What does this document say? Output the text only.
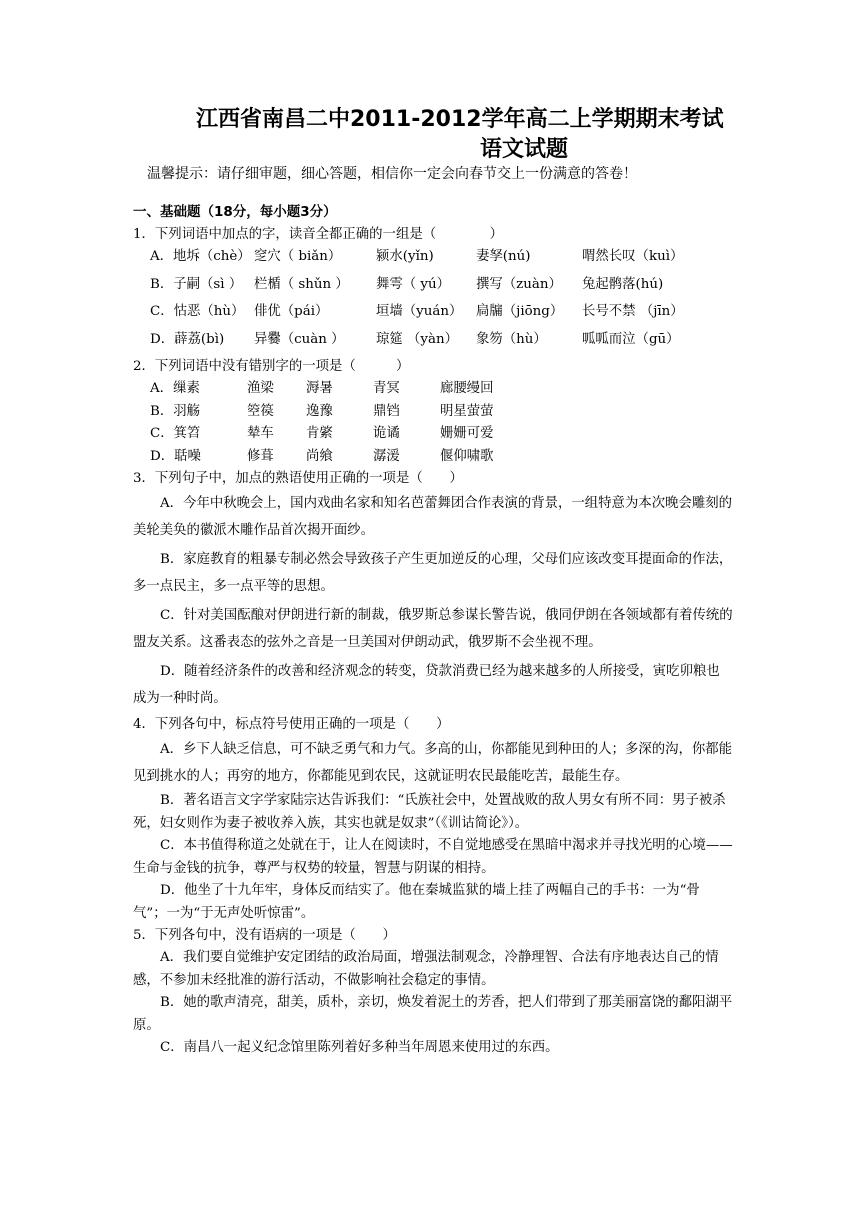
江西省南昌二中2011-2012学年高二上学期期末考试
语文试题
温馨提示：请仔细审题，细心答题，相信你一定会向春节交上一份满意的答卷！
一、基础题（18分，每小题3分）
1．下列词语中加点的字，读音全都正确的一组是（　　　　）
A．地坼（chè） 窆穴（ biǎn）	颍水(yǐn)	妻孥(nú)	喟然长叹（kuì）
B．子嗣（sì ） 栏楯（ shǔn ）	舞雩（ yú）	撰写（zuàn）	兔起鹘落(hú)
C．怙恶（hù） 俳优（pái）	垣墙（yuán）	扃牖（jiōng）	长号不禁 （jīn）
D．薜荔(bì)	异爨（cuàn ）	琼筵 （yàn）	象笏（hù）	呱呱而泣（gū）
2．下列词语中没有错别字的一项是（　　　）
A．缫素	渔梁	溽暑	青冥	廊腰缦回
B．羽觞	箜篌	逸豫	鼎铛	明星萤萤
C．箕笤	辇车	肯綮	诡谲	姗姗可爱
D．聒噪	修葺	尚飨	潺湲	偃仰啸歌
3．下列句子中，加点的熟语使用正确的一项是（　　）

A．今年中秋晚会上，国内戏曲名家和知名芭蕾舞团合作表演的背景，一组特意为本次晚会雕刻的美轮美奂的徽派木雕作品首次揭开面纱。

B．家庭教育的粗暴专制必然会导致孩子产生更加逆反的心理，父母们应该改变耳提面命的作法，多一点民主，多一点平等的思想。

C．针对美国酝酿对伊朗进行新的制裁，俄罗斯总参谋长警告说，俄同伊朗在各领域都有着传统的盟友关系。这番表态的弦外之音是一旦美国对伊朗动武，俄罗斯不会坐视不理。

D．随着经济条件的改善和经济观念的转变，贷款消费已经为越来越多的人所接受，寅吃卯粮也成为一种时尚。

4．下列各句中，标点符号使用正确的一项是（　　）

A．乡下人缺乏信息，可不缺乏勇气和力气。多高的山，你都能见到种田的人；多深的沟，你都能见到挑水的人；再穷的地方，你都能见到农民，这就证明农民最能吃苦，最能生存。

B．著名语言文字学家陆宗达告诉我们：“氏族社会中，处置战败的敌人男女有所不同：男子被杀死，妇女则作为妻子被收养入族，其实也就是奴隶”（《训诂简论》）。

C．本书值得称道之处就在于，让人在阅读时，不自觉地感受在黑暗中渴求并寻找光明的心境——生命与金钱的抗争，尊严与权势的较量，智慧与阴谋的相持。

D．他坐了十九年牢，身体反而结实了。他在秦城监狱的墙上挂了两幅自己的手书：一为“骨气”；一为“于无声处听惊雷”。

5．下列各句中，没有语病的一项是（　　）

A．我们要自觉维护安定团结的政治局面，增强法制观念，冷静理智、合法有序地表达自己的情感，不参加未经批准的游行活动，不做影响社会稳定的事情。

B．她的歌声清亮，甜美，质朴，亲切，焕发着泥土的芳香，把人们带到了那美丽富饶的鄱阳湖平原。

C．南昌八一起义纪念馆里陈列着好多种当年周恩来使用过的东西。
